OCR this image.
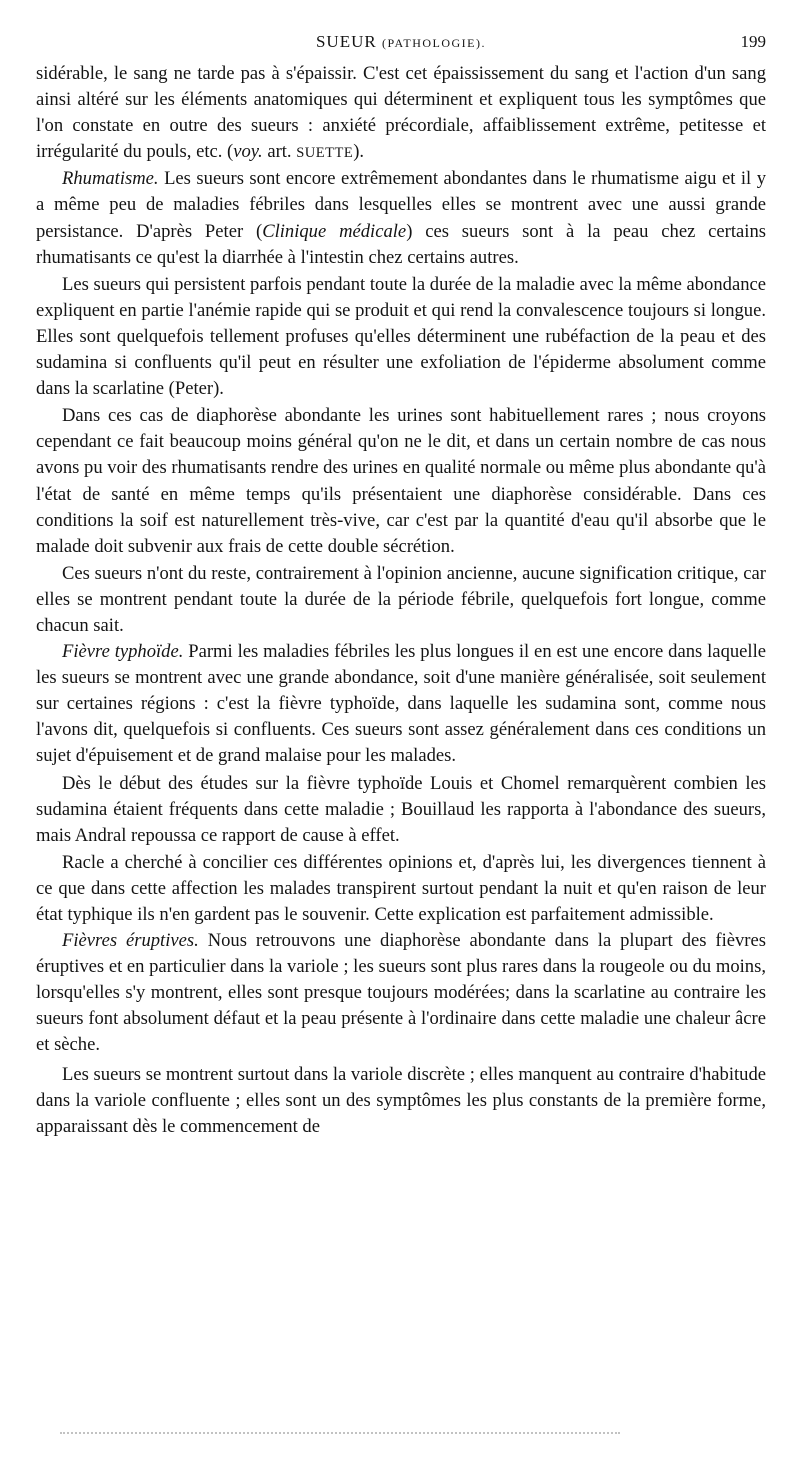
SUEUR (PATHOLOGIE).	199

sidérable, le sang ne tarde pas à s'épaissir. C'est cet épaississement du sang et l'action d'un sang ainsi altéré sur les éléments anatomiques qui déterminent et expliquent tous les symptômes que l'on constate en outre des sueurs : anxiété précordiale, affaiblissement extrême, petitesse et irrégularité du pouls, etc. (voy. art. SUETTE).

Rhumatisme. Les sueurs sont encore extrêmement abondantes dans le rhumatisme aigu et il y a même peu de maladies fébriles dans lesquelles elles se montrent avec une aussi grande persistance. D'après Peter (Clinique médicale) ces sueurs sont à la peau chez certains rhumatisants ce qu'est la diarrhée à l'intestin chez certains autres.

Les sueurs qui persistent parfois pendant toute la durée de la maladie avec la même abondance expliquent en partie l'anémie rapide qui se produit et qui rend la convalescence toujours si longue. Elles sont quelquefois tellement profuses qu'elles déterminent une rubéfaction de la peau et des sudamina si confluents qu'il peut en résulter une exfoliation de l'épiderme absolument comme dans la scarlatine (Peter).

Dans ces cas de diaphorèse abondante les urines sont habituellement rares ; nous croyons cependant ce fait beaucoup moins général qu'on ne le dit, et dans un certain nombre de cas nous avons pu voir des rhumatisants rendre des urines en qualité normale ou même plus abondante qu'à l'état de santé en même temps qu'ils présentaient une diaphorèse considérable. Dans ces conditions la soif est naturellement très-vive, car c'est par la quantité d'eau qu'il absorbe que le malade doit subvenir aux frais de cette double sécrétion.

Ces sueurs n'ont du reste, contrairement à l'opinion ancienne, aucune signification critique, car elles se montrent pendant toute la durée de la période fébrile, quelquefois fort longue, comme chacun sait.

Fièvre typhoïde. Parmi les maladies fébriles les plus longues il en est une encore dans laquelle les sueurs se montrent avec une grande abondance, soit d'une manière généralisée, soit seulement sur certaines régions : c'est la fièvre typhoïde, dans laquelle les sudamina sont, comme nous l'avons dit, quelquefois si confluents. Ces sueurs sont assez généralement dans ces conditions un sujet d'épuisement et de grand malaise pour les malades.

Dès le début des études sur la fièvre typhoïde Louis et Chomel remarquèrent combien les sudamina étaient fréquents dans cette maladie ; Bouillaud les rapporta à l'abondance des sueurs, mais Andral repoussa ce rapport de cause à effet.

Racle a cherché à concilier ces différentes opinions et, d'après lui, les divergences tiennent à ce que dans cette affection les malades transpirent surtout pendant la nuit et qu'en raison de leur état typhique ils n'en gardent pas le souvenir. Cette explication est parfaitement admissible.

Fièvres éruptives. Nous retrouvons une diaphorèse abondante dans la plupart des fièvres éruptives et en particulier dans la variole ; les sueurs sont plus rares dans la rougeole ou du moins, lorsqu'elles s'y montrent, elles sont presque toujours modérées; dans la scarlatine au contraire les sueurs font absolument défaut et la peau présente à l'ordinaire dans cette maladie une chaleur âcre et sèche.

Les sueurs se montrent surtout dans la variole discrète ; elles manquent au contraire d'habitude dans la variole confluente ; elles sont un des symptômes les plus constants de la première forme, apparaissant dès le commencement de
